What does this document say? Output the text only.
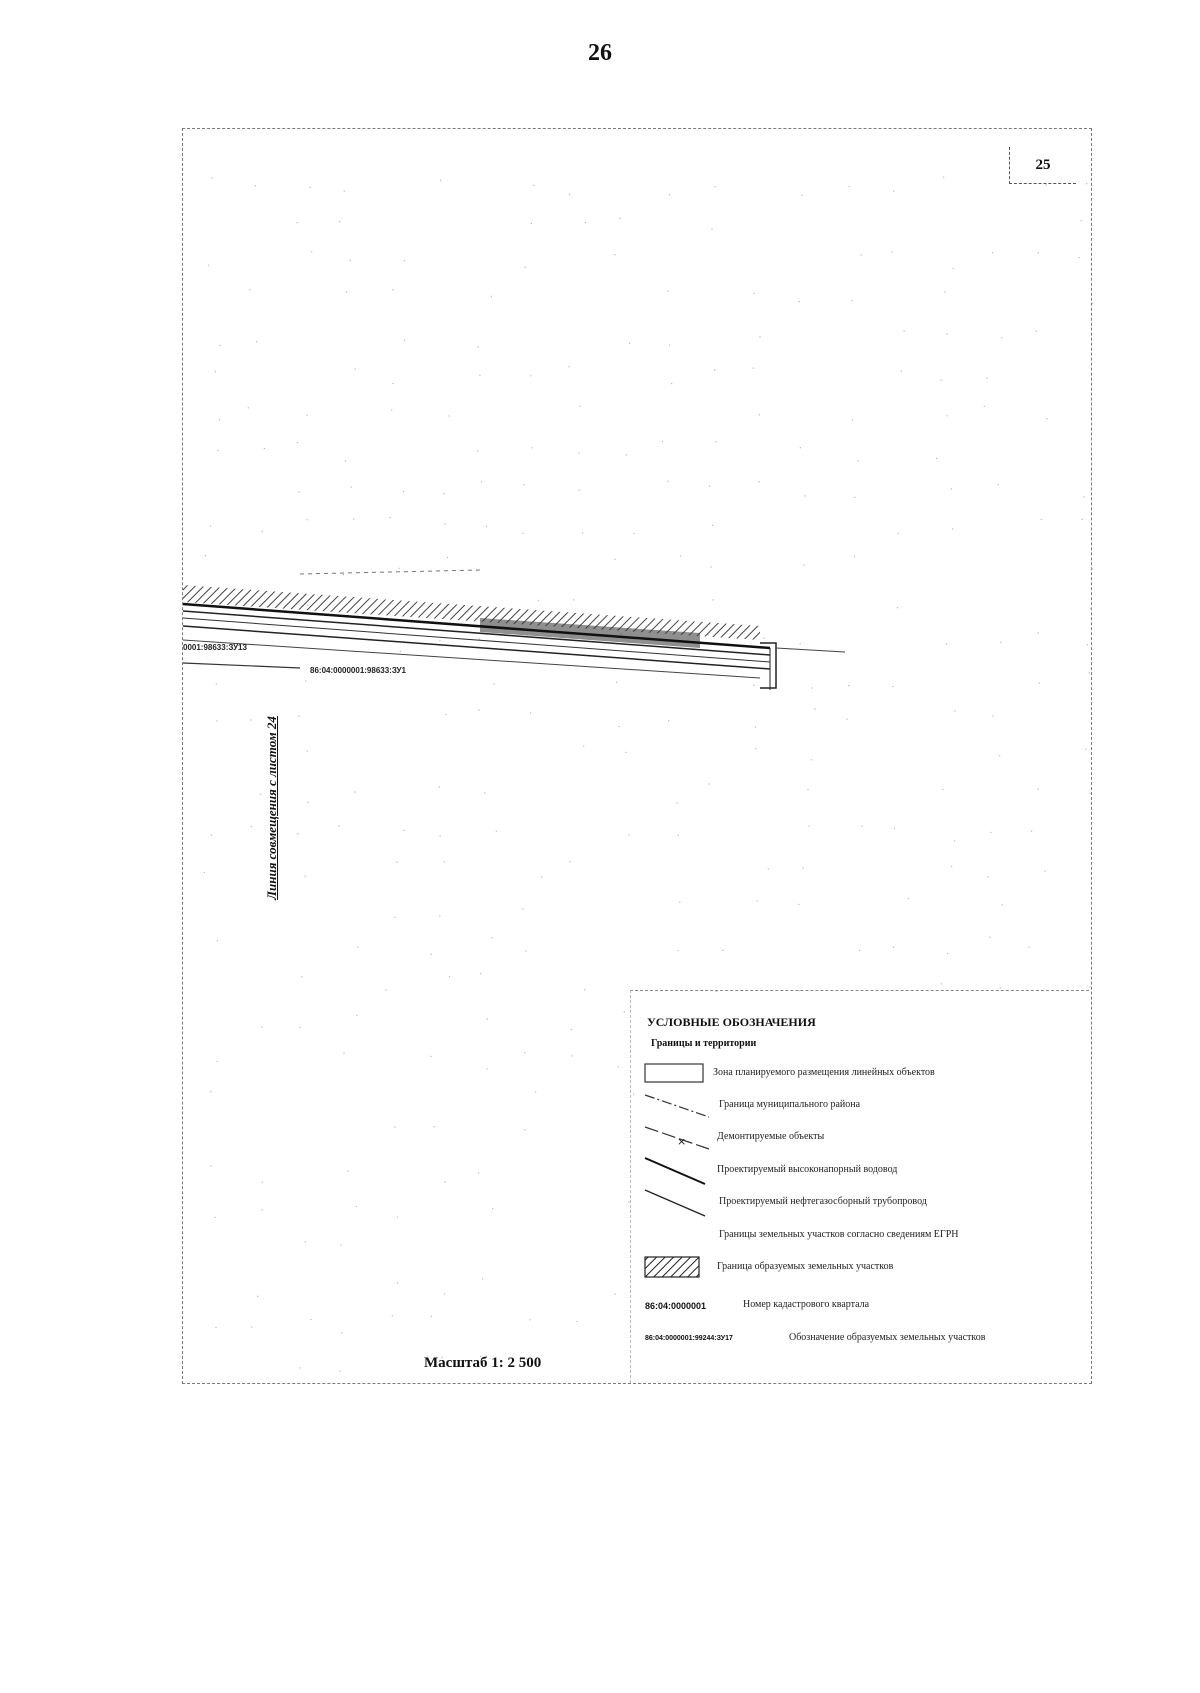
26
25
Линия совмещения с листом 24
0001:98633:ЗУ13
86:04:0000001:98633:ЗУ1
Масштаб 1: 2 500
УСЛОВНЫЕ ОБОЗНАЧЕНИЯ
Границы и территории
Зона планируемого размещения линейных объектов
Граница муниципального района
×	Демонтируемые объекты
Проектируемый высоконапорный водовод
Проектируемый нефтегазосборный трубопровод
Границы земельных участков согласно сведениям ЕГРН
Граница образуемых земельных участков
86:04:0000001	Номер кадастрового квартала
86:04:0000001:99244:ЗУ17	Обозначение образуемых земельных участков
